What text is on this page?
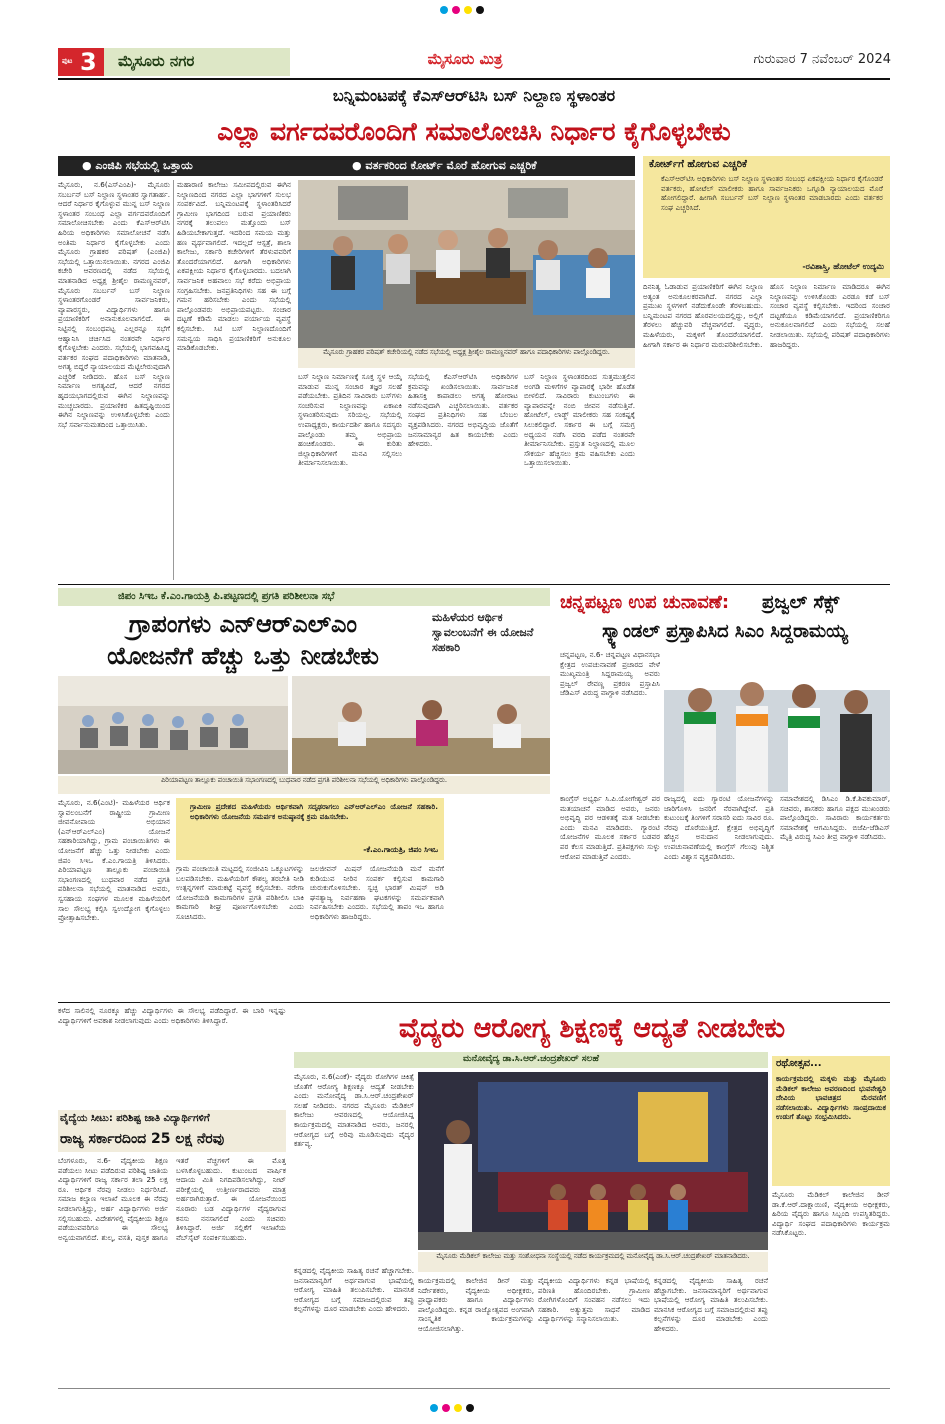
ಪುಟ 3 ಮೈಸೂರು ನಗರ	ಮೈಸೂರು ಮಿತ್ರ	ಗುರುವಾರ 7 ನವೆಂಬರ್ 2024
ಬನ್ನಿಮಂಟಪಕ್ಕೆ ಕೆಎಸ್‌ಆರ್‌ಟಿಸಿ ಬಸ್ ನಿಲ್ದಾಣ ಸ್ಥಳಾಂತರ
ಎಲ್ಲಾ ವರ್ಗದವರೊಂದಿಗೆ ಸಮಾಲೋಚಿಸಿ ನಿರ್ಧಾರ ಕೈಗೊಳ್ಳಬೇಕು
● ಎಂಜಿಪಿ ಸಭೆಯಲ್ಲಿ ಒತ್ತಾಯ	● ವರ್ತಕರಿಂದ ಕೋರ್ಟ್ ಮೊರೆ ಹೋಗುವ ಎಚ್ಚರಿಕೆ
ಮೈಸೂರು, ನ.6(ಎಸ್‌ಎಂಪಿ)- ಮೈಸೂರು ಸಬರ್ಬನ್ ಬಸ್ ನಿಲ್ದಾಣ ಸ್ಥಳಾಂತರ ಸ್ವಾಗತಾರ್ಹ. ಆದರೆ ನಿರ್ಧಾರ ಕೈಗೊಳ್ಳುವ ಮುನ್ನ ಬಸ್ ನಿಲ್ದಾಣ ಸ್ಥಳಾಂತರ ಸಂಬಂಧ ಎಲ್ಲಾ ವರ್ಗದವರೊಂದಿಗೆ ಸಮಾಲೋಚಿಸಬೇಕು ಎಂದು ಕೆಎಸ್‌ಆರ್‌ಟಿಸಿ ಹಿರಿಯ ಅಧಿಕಾರಿಗಳು ಸಮಾಲೋಚನೆ ನಡೆಸಿ ಅಂತಿಮ ನಿರ್ಧಾರ ಕೈಗೊಳ್ಳಬೇಕು ಎಂದು ಮೈಸೂರು ಗ್ರಾಹಕರ ಪರಿಷತ್ (ಎಂಜಿಪಿ) ಸಭೆಯಲ್ಲಿ ಒತ್ತಾಯಿಸಲಾಯಿತು. ನಗರದ ಎಂಜಿಪಿ ಕಚೇರಿ ಆವರಣದಲ್ಲಿ ನಡೆದ ಸಭೆಯಲ್ಲಿ ಮಾತನಾಡಿದ ಅಧ್ಯಕ್ಷ ಶ್ರೀಶೈಲ ರಾಮಣ್ಣನವರ್, ಮೈಸೂರು ಸಬರ್ಬನ್ ಬಸ್ ನಿಲ್ದಾಣ ಸ್ಥಳಾಂತರಗೊಂಡರೆ ಸಾರ್ವಜನಿಕರು, ವ್ಯಾಪಾರಸ್ಥರು, ವಿದ್ಯಾರ್ಥಿಗಳು ಹಾಗೂ ಪ್ರಯಾಣಿಕರಿಗೆ ಅನಾನುಕೂಲವಾಗಲಿದೆ. ಈ ನಿಟ್ಟಿನಲ್ಲಿ ಸಂಬಂಧಪಟ್ಟ ಎಲ್ಲರನ್ನೂ ಸಭೆಗೆ ಆಹ್ವಾನಿಸಿ ಚರ್ಚಿಸಿದ ನಂತರವೇ ನಿರ್ಧಾರ ಕೈಗೊಳ್ಳಬೇಕು ಎಂದರು. ಸಭೆಯಲ್ಲಿ ಭಾಗವಹಿಸಿದ್ದ ವರ್ತಕರ ಸಂಘದ ಪದಾಧಿಕಾರಿಗಳು ಮಾತನಾಡಿ, ಅಗತ್ಯ ಬಿದ್ದರೆ ನ್ಯಾಯಾಲಯದ ಮೆಟ್ಟಿಲೇರುವುದಾಗಿ ಎಚ್ಚರಿಕೆ ನೀಡಿದರು. ಹೊಸ ಬಸ್ ನಿಲ್ದಾಣ ನಿರ್ಮಾಣ ಅಗತ್ಯವಿದೆ, ಆದರೆ ನಗರದ ಹೃದಯಭಾಗದಲ್ಲಿರುವ ಈಗಿನ ನಿಲ್ದಾಣವನ್ನು ಮುಚ್ಚಬಾರದು. ಪ್ರಯಾಣಿಕರ ಹಿತದೃಷ್ಟಿಯಿಂದ ಈಗಿನ ನಿಲ್ದಾಣವನ್ನು ಉಳಿಸಿಕೊಳ್ಳಬೇಕು ಎಂದು ಸಭೆ ಸರ್ವಾನುಮತದಿಂದ ಒತ್ತಾಯಿಸಿತು.
ಮಹಾರಾಣಿ ಕಾಲೇಜು ಸಮೀಪದಲ್ಲಿರುವ ಈಗಿನ ನಿಲ್ದಾಣದಿಂದ ನಗರದ ಎಲ್ಲಾ ಭಾಗಗಳಿಗೆ ಸುಲಭ ಸಂಪರ್ಕವಿದೆ. ಬನ್ನಿಮಂಟಪಕ್ಕೆ ಸ್ಥಳಾಂತರಿಸಿದರೆ ಗ್ರಾಮೀಣ ಭಾಗದಿಂದ ಬರುವ ಪ್ರಯಾಣಿಕರು ನಗರಕ್ಕೆ ತಲುಪಲು ಮತ್ತೊಂದು ಬಸ್ ಹಿಡಿಯಬೇಕಾಗುತ್ತದೆ. ಇದರಿಂದ ಸಮಯ ಮತ್ತು ಹಣ ವ್ಯರ್ಥವಾಗಲಿದೆ. ಇದಲ್ಲದೆ ಆಸ್ಪತ್ರೆ, ಶಾಲಾ ಕಾಲೇಜು, ಸರ್ಕಾರಿ ಕಚೇರಿಗಳಿಗೆ ತೆರಳುವವರಿಗೆ ತೊಂದರೆಯಾಗಲಿದೆ. ಹೀಗಾಗಿ ಅಧಿಕಾರಿಗಳು ಏಕಪಕ್ಷೀಯ ನಿರ್ಧಾರ ಕೈಗೊಳ್ಳಬಾರದು. ಬದಲಾಗಿ ಸಾರ್ವಜನಿಕ ಅಹವಾಲು ಸಭೆ ಕರೆದು ಅಭಿಪ್ರಾಯ ಸಂಗ್ರಹಿಸಬೇಕು. ಜನಪ್ರತಿನಿಧಿಗಳು ಸಹ ಈ ಬಗ್ಗೆ ಗಮನ ಹರಿಸಬೇಕು ಎಂದು ಸಭೆಯಲ್ಲಿ ಪಾಲ್ಗೊಂಡವರು ಅಭಿಪ್ರಾಯಪಟ್ಟರು. ಸಂಚಾರ ದಟ್ಟಣೆ ಕಡಿಮೆ ಮಾಡಲು ಪರ್ಯಾಯ ವ್ಯವಸ್ಥೆ ಕಲ್ಪಿಸಬೇಕು. ಸಿಟಿ ಬಸ್ ನಿಲ್ದಾಣದೊಂದಿಗೆ ಸಮನ್ವಯ ಸಾಧಿಸಿ ಪ್ರಯಾಣಿಕರಿಗೆ ಅನುಕೂಲ ಮಾಡಿಕೊಡಬೇಕು.	ಮೈಸೂರು ಗ್ರಾಹಕರ ಪರಿಷತ್ ಕಚೇರಿಯಲ್ಲಿ ನಡೆದ ಸಭೆಯಲ್ಲಿ ಅಧ್ಯಕ್ಷ ಶ್ರೀಶೈಲ ರಾಮಣ್ಣನವರ್ ಹಾಗೂ ಪದಾಧಿಕಾರಿಗಳು ಪಾಲ್ಗೊಂಡಿದ್ದರು.
ಬಸ್ ನಿಲ್ದಾಣ ನಿರ್ಮಾಣಕ್ಕೆ ಸೂಕ್ತ ಸ್ಥಳ ಆಯ್ಕೆ ಮಾಡುವ ಮುನ್ನ ಸಂಚಾರ ತಜ್ಞರ ಸಲಹೆ ಪಡೆಯಬೇಕು. ಪ್ರತಿದಿನ ಸಾವಿರಾರು ಬಸ್‌ಗಳು ಸಂಚರಿಸುವ ನಿಲ್ದಾಣವನ್ನು ಏಕಾಏಕಿ ಸ್ಥಳಾಂತರಿಸುವುದು ಸರಿಯಲ್ಲ. ಸಭೆಯಲ್ಲಿ ಉಪಾಧ್ಯಕ್ಷರು, ಕಾರ್ಯದರ್ಶಿ ಹಾಗೂ ಸದಸ್ಯರು ಪಾಲ್ಗೊಂಡು ತಮ್ಮ ಅಭಿಪ್ರಾಯ ಹಂಚಿಕೊಂಡರು. ಈ ಕುರಿತು ಜಿಲ್ಲಾಧಿಕಾರಿಗಳಿಗೆ ಮನವಿ ಸಲ್ಲಿಸಲು ತೀರ್ಮಾನಿಸಲಾಯಿತು.
ಸಭೆಯಲ್ಲಿ ಕೆಎಸ್‌ಆರ್‌ಟಿಸಿ ಅಧಿಕಾರಿಗಳ ಕ್ರಮವನ್ನು ಖಂಡಿಸಲಾಯಿತು. ಸಾರ್ವಜನಿಕ ಹಿತಾಸಕ್ತಿ ಕಾಪಾಡಲು ಅಗತ್ಯ ಹೋರಾಟ ನಡೆಸುವುದಾಗಿ ಎಚ್ಚರಿಸಲಾಯಿತು. ವರ್ತಕರ ಸಂಘದ ಪ್ರತಿನಿಧಿಗಳು ಸಹ ಬೆಂಬಲ ವ್ಯಕ್ತಪಡಿಸಿದರು. ನಗರದ ಅಭಿವೃದ್ಧಿಯ ಜೊತೆಗೆ ಜನಸಾಮಾನ್ಯರ ಹಿತ ಕಾಯಬೇಕು ಎಂದು ಹೇಳಿದರು.
ಬಸ್ ನಿಲ್ದಾಣ ಸ್ಥಳಾಂತರದಿಂದ ಸುತ್ತಮುತ್ತಲಿನ ಅಂಗಡಿ ಮಳಿಗೆಗಳ ವ್ಯಾಪಾರಕ್ಕೆ ಭಾರೀ ಹೊಡೆತ ಬೀಳಲಿದೆ. ಸಾವಿರಾರು ಕುಟುಂಬಗಳು ಈ ವ್ಯಾಪಾರವನ್ನೇ ನಂಬಿ ಜೀವನ ನಡೆಸುತ್ತಿವೆ. ಹೋಟೆಲ್, ಲಾಡ್ಜ್ ಮಾಲೀಕರು ಸಹ ಸಂಕಷ್ಟಕ್ಕೆ ಸಿಲುಕಲಿದ್ದಾರೆ. ಸರ್ಕಾರ ಈ ಬಗ್ಗೆ ಸಮಗ್ರ ಅಧ್ಯಯನ ನಡೆಸಿ ವರದಿ ಪಡೆದ ನಂತರವೇ ತೀರ್ಮಾನಿಸಬೇಕು. ಪ್ರಸ್ತುತ ನಿಲ್ದಾಣದಲ್ಲಿ ಮೂಲ ಸೌಕರ್ಯ ಹೆಚ್ಚಿಸಲು ಕ್ರಮ ವಹಿಸಬೇಕು ಎಂದು ಒತ್ತಾಯಿಸಲಾಯಿತು.
ಕೋರ್ಟ್‌ಗೆ ಹೋಗುವ ಎಚ್ಚರಿಕೆ
ಕೆಎಸ್‌ಆರ್‌ಟಿಸಿ ಅಧಿಕಾರಿಗಳು ಬಸ್ ನಿಲ್ದಾಣ ಸ್ಥಳಾಂತರ ಸಂಬಂಧ ಏಕಪಕ್ಷೀಯ ನಿರ್ಧಾರ ಕೈಗೊಂಡರೆ ವರ್ತಕರು, ಹೋಟೆಲ್ ಮಾಲೀಕರು ಹಾಗೂ ಸಾರ್ವಜನಿಕರು ಒಗ್ಗೂಡಿ ನ್ಯಾಯಾಲಯದ ಮೊರೆ ಹೋಗಲಿದ್ದಾರೆ. ಹೀಗಾಗಿ ಸಬರ್ಬನ್ ಬಸ್ ನಿಲ್ದಾಣ ಸ್ಥಳಾಂತರ ಮಾಡಬಾರದು ಎಂದು ವರ್ತಕರ ಸಂಘ ಎಚ್ಚರಿಸಿದೆ.
-ರವಿಶಾಸ್ತ್ರಿ, ಹೋಟೆಲ್ ಉದ್ಯಮಿ
ದಿನನಿತ್ಯ ಓಡಾಡುವ ಪ್ರಯಾಣಿಕರಿಗೆ ಈಗಿನ ನಿಲ್ದಾಣ ಅತ್ಯಂತ ಅನುಕೂಲಕರವಾಗಿದೆ. ನಗರದ ಎಲ್ಲಾ ಪ್ರಮುಖ ಸ್ಥಳಗಳಿಗೆ ನಡೆದುಕೊಂಡೇ ತೆರಳಬಹುದು. ಬನ್ನಿಮಂಟಪ ನಗರದ ಹೊರವಲಯದಲ್ಲಿದ್ದು, ಅಲ್ಲಿಗೆ ತೆರಳಲು ಹೆಚ್ಚುವರಿ ವೆಚ್ಚವಾಗಲಿದೆ. ವೃದ್ಧರು, ಮಹಿಳೆಯರು, ಮಕ್ಕಳಿಗೆ ತೊಂದರೆಯಾಗಲಿದೆ. ಹೀಗಾಗಿ ಸರ್ಕಾರ ಈ ನಿರ್ಧಾರ ಮರುಪರಿಶೀಲಿಸಬೇಕು.
ಹೊಸ ನಿಲ್ದಾಣ ನಿರ್ಮಾಣ ಮಾಡಿದರೂ ಈಗಿನ ನಿಲ್ದಾಣವನ್ನು ಉಳಿಸಿಕೊಂಡು ಎರಡೂ ಕಡೆ ಬಸ್ ಸಂಚಾರ ವ್ಯವಸ್ಥೆ ಕಲ್ಪಿಸಬೇಕು. ಇದರಿಂದ ಸಂಚಾರ ದಟ್ಟಣೆಯೂ ಕಡಿಮೆಯಾಗಲಿದೆ. ಪ್ರಯಾಣಿಕರಿಗೂ ಅನುಕೂಲವಾಗಲಿದೆ ಎಂದು ಸಭೆಯಲ್ಲಿ ಸಲಹೆ ನೀಡಲಾಯಿತು. ಸಭೆಯಲ್ಲಿ ಪರಿಷತ್ ಪದಾಧಿಕಾರಿಗಳು ಹಾಜರಿದ್ದರು.
ಜಿಪಂ ಸಿಇಒ ಕೆ.ಎಂ.ಗಾಯತ್ರಿ ಪಿ.ಪಟ್ಟಣದಲ್ಲಿ ಪ್ರಗತಿ ಪರಿಶೀಲನಾ ಸಭೆ
ಗ್ರಾಪಂಗಳು ಎನ್‌ಆರ್‌ಎಲ್‌ಎಂ
ಯೋಜನೆಗೆ ಹೆಚ್ಚು ಒತ್ತು ನೀಡಬೇಕು
ಮಹಿಳೆಯರ ಆರ್ಥಿಕ ಸ್ವಾವಲಂಬನೆಗೆ ಈ ಯೋಜನೆ ಸಹಕಾರಿ
ಪಿರಿಯಾಪಟ್ಟಣ ತಾಲ್ಲೂಕು ಪಂಚಾಯಿತಿ ಸಭಾಂಗಣದಲ್ಲಿ ಬುಧವಾರ ನಡೆದ ಪ್ರಗತಿ ಪರಿಶೀಲನಾ ಸಭೆಯಲ್ಲಿ ಅಧಿಕಾರಿಗಳು ಪಾಲ್ಗೊಂಡಿದ್ದರು.
ಮೈಸೂರು, ನ.6(ಎಂಟಿ)- ಮಹಿಳೆಯರ ಆರ್ಥಿಕ ಸ್ವಾವಲಂಬನೆಗೆ ರಾಷ್ಟ್ರೀಯ ಗ್ರಾಮೀಣ ಜೀವನೋಪಾಯ ಅಭಿಯಾನ (ಎನ್‌ಆರ್‌ಎಲ್‌ಎಂ) ಯೋಜನೆ ಸಹಕಾರಿಯಾಗಿದ್ದು, ಗ್ರಾಮ ಪಂಚಾಯಿತಿಗಳು ಈ ಯೋಜನೆಗೆ ಹೆಚ್ಚು ಒತ್ತು ನೀಡಬೇಕು ಎಂದು ಜಿಪಂ ಸಿಇಒ ಕೆ.ಎಂ.ಗಾಯತ್ರಿ ತಿಳಿಸಿದರು. ಪಿರಿಯಾಪಟ್ಟಣ ತಾಲ್ಲೂಕು ಪಂಚಾಯಿತಿ ಸಭಾಂಗಣದಲ್ಲಿ ಬುಧವಾರ ನಡೆದ ಪ್ರಗತಿ ಪರಿಶೀಲನಾ ಸಭೆಯಲ್ಲಿ ಮಾತನಾಡಿದ ಅವರು, ಸ್ವಸಹಾಯ ಸಂಘಗಳ ಮೂಲಕ ಮಹಿಳೆಯರಿಗೆ ಸಾಲ ಸೌಲಭ್ಯ ಕಲ್ಪಿಸಿ ಸ್ವಉದ್ಯೋಗ ಕೈಗೊಳ್ಳಲು ಪ್ರೋತ್ಸಾಹಿಸಬೇಕು.
ಗ್ರಾಮೀಣ ಪ್ರದೇಶದ ಮಹಿಳೆಯರು ಆರ್ಥಿಕವಾಗಿ ಸದೃಢರಾಗಲು ಎನ್‌ಆರ್‌ಎಲ್‌ಎಂ ಯೋಜನೆ ಸಹಕಾರಿ. ಅಧಿಕಾರಿಗಳು ಯೋಜನೆಯ ಸಮರ್ಪಕ ಅನುಷ್ಠಾನಕ್ಕೆ ಕ್ರಮ ವಹಿಸಬೇಕು.
-ಕೆ.ಎಂ.ಗಾಯತ್ರಿ, ಜಿಪಂ ಸಿಇಒ
ಗ್ರಾಮ ಪಂಚಾಯಿತಿ ಮಟ್ಟದಲ್ಲಿ ಸಂಜೀವಿನಿ ಒಕ್ಕೂಟಗಳನ್ನು ಬಲಪಡಿಸಬೇಕು. ಮಹಿಳೆಯರಿಗೆ ಕೌಶಲ್ಯ ತರಬೇತಿ ನೀಡಿ ಉತ್ಪನ್ನಗಳಿಗೆ ಮಾರುಕಟ್ಟೆ ವ್ಯವಸ್ಥೆ ಕಲ್ಪಿಸಬೇಕು. ನರೇಗಾ ಯೋಜನೆಯಡಿ ಕಾಮಗಾರಿಗಳ ಪ್ರಗತಿ ಪರಿಶೀಲಿಸಿ ಬಾಕಿ ಕಾಮಗಾರಿ ಶೀಘ್ರ ಪೂರ್ಣಗೊಳಿಸಬೇಕು ಎಂದು ಸೂಚಿಸಿದರು.
ಜಲಜೀವನ್ ಮಿಷನ್ ಯೋಜನೆಯಡಿ ಮನೆ ಮನೆಗೆ ಕುಡಿಯುವ ನೀರಿನ ಸಂಪರ್ಕ ಕಲ್ಪಿಸುವ ಕಾಮಗಾರಿ ಚುರುಕುಗೊಳಿಸಬೇಕು. ಸ್ವಚ್ಛ ಭಾರತ್ ಮಿಷನ್ ಅಡಿ ಘನತ್ಯಾಜ್ಯ ನಿರ್ವಹಣಾ ಘಟಕಗಳನ್ನು ಸಮರ್ಪಕವಾಗಿ ನಿರ್ವಹಿಸಬೇಕು ಎಂದರು. ಸಭೆಯಲ್ಲಿ ತಾಪಂ ಇಒ ಹಾಗೂ ಅಧಿಕಾರಿಗಳು ಹಾಜರಿದ್ದರು.
ಚನ್ನಪಟ್ಟಣ ಉಪ ಚುನಾವಣೆ:	ಪ್ರಜ್ವಲ್ ಸೆಕ್ಸ್
ಸ್ಕ್ಯಾಂಡಲ್ ಪ್ರಸ್ತಾಪಿಸಿದ ಸಿಎಂ ಸಿದ್ದರಾಮಯ್ಯ
ಚನ್ನಪಟ್ಟಣ, ನ.6- ಚನ್ನಪಟ್ಟಣ ವಿಧಾನಸಭಾ ಕ್ಷೇತ್ರದ ಉಪಚುನಾವಣೆ ಪ್ರಚಾರದ ವೇಳೆ ಮುಖ್ಯಮಂತ್ರಿ ಸಿದ್ದರಾಮಯ್ಯ ಅವರು ಪ್ರಜ್ವಲ್ ರೇವಣ್ಣ ಪ್ರಕರಣ ಪ್ರಸ್ತಾಪಿಸಿ ಜೆಡಿಎಸ್ ವಿರುದ್ಧ ವಾಗ್ದಾಳಿ ನಡೆಸಿದರು.
ಕಾಂಗ್ರೆಸ್ ಅಭ್ಯರ್ಥಿ ಸಿ.ಪಿ.ಯೋಗೇಶ್ವರ್ ಪರ ಮತಯಾಚನೆ ಮಾಡಿದ ಅವರು, ಜನರು ಅಭಿವೃದ್ಧಿ ಪರ ಆಡಳಿತಕ್ಕೆ ಮತ ನೀಡಬೇಕು ಎಂದು ಮನವಿ ಮಾಡಿದರು. ಗ್ಯಾರಂಟಿ ಯೋಜನೆಗಳ ಮೂಲಕ ಸರ್ಕಾರ ಬಡವರ ಪರ ಕೆಲಸ ಮಾಡುತ್ತಿದೆ. ಪ್ರತಿಪಕ್ಷಗಳು ಸುಳ್ಳು ಆರೋಪ ಮಾಡುತ್ತಿವೆ ಎಂದರು.
ರಾಜ್ಯದಲ್ಲಿ ಐದು ಗ್ಯಾರಂಟಿ ಯೋಜನೆಗಳನ್ನು ಜಾರಿಗೊಳಿಸಿ ಜನರಿಗೆ ನೆರವಾಗಿದ್ದೇವೆ. ಪ್ರತಿ ಕುಟುಂಬಕ್ಕೆ ತಿಂಗಳಿಗೆ ಸರಾಸರಿ ಐದು ಸಾವಿರ ರೂ. ನೆರವು ದೊರೆಯುತ್ತಿದೆ. ಕ್ಷೇತ್ರದ ಅಭಿವೃದ್ಧಿಗೆ ಹೆಚ್ಚಿನ ಅನುದಾನ ನೀಡಲಾಗುವುದು. ಉಪಚುನಾವಣೆಯಲ್ಲಿ ಕಾಂಗ್ರೆಸ್ ಗೆಲುವು ನಿಶ್ಚಿತ ಎಂದು ವಿಶ್ವಾಸ ವ್ಯಕ್ತಪಡಿಸಿದರು.
ಸಮಾವೇಶದಲ್ಲಿ ಡಿಸಿಎಂ ಡಿ.ಕೆ.ಶಿವಕುಮಾರ್, ಸಚಿವರು, ಶಾಸಕರು ಹಾಗೂ ಪಕ್ಷದ ಮುಖಂಡರು ಪಾಲ್ಗೊಂಡಿದ್ದರು. ಸಾವಿರಾರು ಕಾರ್ಯಕರ್ತರು ಸಮಾವೇಶಕ್ಕೆ ಆಗಮಿಸಿದ್ದರು. ಬಿಜೆಪಿ-ಜೆಡಿಎಸ್ ಮೈತ್ರಿ ವಿರುದ್ಧ ಸಿಎಂ ತೀವ್ರ ವಾಗ್ದಾಳಿ ನಡೆಸಿದರು.
ಕಳೆದ ಸಾಲಿನಲ್ಲಿ ನೂರಕ್ಕೂ ಹೆಚ್ಚು ವಿದ್ಯಾರ್ಥಿಗಳು ಈ ಸೌಲಭ್ಯ ಪಡೆದಿದ್ದಾರೆ. ಈ ಬಾರಿ ಇನ್ನಷ್ಟು ವಿದ್ಯಾರ್ಥಿಗಳಿಗೆ ಅವಕಾಶ ನೀಡಲಾಗುವುದು ಎಂದು ಅಧಿಕಾರಿಗಳು ತಿಳಿಸಿದ್ದಾರೆ.
ವೈದ್ಯೆಯ ಸೀಟು: ಪರಿಶಿಷ್ಟ ಜಾತಿ ವಿದ್ಯಾರ್ಥಿಗಳಿಗೆ
ರಾಜ್ಯ ಸರ್ಕಾರದಿಂದ 25 ಲಕ್ಷ ನೆರವು
ಬೆಂಗಳೂರು, ನ.6- ವೈದ್ಯಕೀಯ ಶಿಕ್ಷಣ ಪಡೆಯಲು ಸೀಟು ಪಡೆದಿರುವ ಪರಿಶಿಷ್ಟ ಜಾತಿಯ ವಿದ್ಯಾರ್ಥಿಗಳಿಗೆ ರಾಜ್ಯ ಸರ್ಕಾರ ತಲಾ 25 ಲಕ್ಷ ರೂ. ಆರ್ಥಿಕ ನೆರವು ನೀಡಲು ನಿರ್ಧರಿಸಿದೆ. ಸಮಾಜ ಕಲ್ಯಾಣ ಇಲಾಖೆ ಮೂಲಕ ಈ ನೆರವು ನೀಡಲಾಗುತ್ತಿದ್ದು, ಅರ್ಹ ವಿದ್ಯಾರ್ಥಿಗಳು ಅರ್ಜಿ ಸಲ್ಲಿಸಬಹುದು. ವಿದೇಶಗಳಲ್ಲಿ ವೈದ್ಯಕೀಯ ಶಿಕ್ಷಣ ಪಡೆಯುವವರಿಗೂ ಈ ಸೌಲಭ್ಯ ಅನ್ವಯವಾಗಲಿದೆ. ಶುಲ್ಕ, ವಸತಿ, ಪುಸ್ತಕ ಹಾಗೂ ಇತರೆ ವೆಚ್ಚಗಳಿಗೆ ಈ ಮೊತ್ತ ಬಳಸಿಕೊಳ್ಳಬಹುದು. ಕುಟುಂಬದ ವಾರ್ಷಿಕ ಆದಾಯ ಮಿತಿ ನಿಗದಿಪಡಿಸಲಾಗಿದ್ದು, ನೀಟ್ ಪರೀಕ್ಷೆಯಲ್ಲಿ ಉತ್ತೀರ್ಣರಾದವರು ಮಾತ್ರ ಅರ್ಹರಾಗಿರುತ್ತಾರೆ. ಈ ಯೋಜನೆಯಿಂದ ನೂರಾರು ಬಡ ವಿದ್ಯಾರ್ಥಿಗಳ ವೈದ್ಯರಾಗುವ ಕನಸು ನನಸಾಗಲಿದೆ ಎಂದು ಸಚಿವರು ತಿಳಿಸಿದ್ದಾರೆ. ಅರ್ಜಿ ಸಲ್ಲಿಕೆಗೆ ಇಲಾಖೆಯ ವೆಬ್‌ಸೈಟ್ ಸಂಪರ್ಕಿಸಬಹುದು.
ವೈದ್ಯರು ಆರೋಗ್ಯ ಶಿಕ್ಷಣಕ್ಕೆ ಆದ್ಯತೆ ನೀಡಬೇಕು
ಮನೋವೈದ್ಯ ಡಾ.ಸಿ.ಆರ್.ಚಂದ್ರಶೇಖರ್ ಸಲಹೆ
ಮೈಸೂರು, ನ.6(ಎಂಕೆ)- ವೈದ್ಯರು ರೋಗಿಗಳ ಚಿಕಿತ್ಸೆ ಜೊತೆಗೆ ಆರೋಗ್ಯ ಶಿಕ್ಷಣಕ್ಕೂ ಆದ್ಯತೆ ನೀಡಬೇಕು ಎಂದು ಮನೋವೈದ್ಯ ಡಾ.ಸಿ.ಆರ್.ಚಂದ್ರಶೇಖರ್ ಸಲಹೆ ನೀಡಿದರು. ನಗರದ ಮೈಸೂರು ಮೆಡಿಕಲ್ ಕಾಲೇಜು ಆವರಣದಲ್ಲಿ ಆಯೋಜಿಸಿದ್ದ ಕಾರ್ಯಕ್ರಮದಲ್ಲಿ ಮಾತನಾಡಿದ ಅವರು, ಜನರಲ್ಲಿ ಆರೋಗ್ಯದ ಬಗ್ಗೆ ಅರಿವು ಮೂಡಿಸುವುದು ವೈದ್ಯರ ಕರ್ತವ್ಯ.
ಮೈಸೂರು ಮೆಡಿಕಲ್ ಕಾಲೇಜು ಮತ್ತು ಸಂಶೋಧನಾ ಸಂಸ್ಥೆಯಲ್ಲಿ ನಡೆದ ಕಾರ್ಯಕ್ರಮದಲ್ಲಿ ಮನೋವೈದ್ಯ ಡಾ.ಸಿ.ಆರ್.ಚಂದ್ರಶೇಖರ್ ಮಾತನಾಡಿದರು.
ಕನ್ನಡದಲ್ಲಿ ವೈದ್ಯಕೀಯ ಸಾಹಿತ್ಯ ರಚನೆ ಹೆಚ್ಚಾಗಬೇಕು. ಜನಸಾಮಾನ್ಯರಿಗೆ ಅರ್ಥವಾಗುವ ಭಾಷೆಯಲ್ಲಿ ಆರೋಗ್ಯ ಮಾಹಿತಿ ತಲುಪಿಸಬೇಕು. ಮಾನಸಿಕ ಆರೋಗ್ಯದ ಬಗ್ಗೆ ಸಮಾಜದಲ್ಲಿರುವ ತಪ್ಪು ಕಲ್ಪನೆಗಳನ್ನು ದೂರ ಮಾಡಬೇಕು ಎಂದು ಹೇಳಿದರು.
ಕಾರ್ಯಕ್ರಮದಲ್ಲಿ ಕಾಲೇಜಿನ ಡೀನ್ ಮತ್ತು ನಿರ್ದೇಶಕರು, ವೈದ್ಯಕೀಯ ಅಧೀಕ್ಷಕರು, ಪ್ರಾಧ್ಯಾಪಕರು ಹಾಗೂ ವಿದ್ಯಾರ್ಥಿಗಳು ಪಾಲ್ಗೊಂಡಿದ್ದರು. ಕನ್ನಡ ರಾಜ್ಯೋತ್ಸವದ ಅಂಗವಾಗಿ ಸಾಂಸ್ಕೃತಿಕ ಕಾರ್ಯಕ್ರಮಗಳನ್ನು ಆಯೋಜಿಸಲಾಗಿತ್ತು.
ವೈದ್ಯಕೀಯ ವಿದ್ಯಾರ್ಥಿಗಳು ಕನ್ನಡ ಭಾಷೆಯಲ್ಲಿ ಪರಿಣತಿ ಹೊಂದಿರಬೇಕು. ಗ್ರಾಮೀಣ ರೋಗಿಗಳೊಂದಿಗೆ ಸಂವಹನ ನಡೆಸಲು ಇದು ಸಹಕಾರಿ. ಅತ್ಯುತ್ತಮ ಸಾಧನೆ ಮಾಡಿದ ವಿದ್ಯಾರ್ಥಿಗಳನ್ನು ಸನ್ಮಾನಿಸಲಾಯಿತು.
ಕನ್ನಡದಲ್ಲಿ ವೈದ್ಯಕೀಯ ಸಾಹಿತ್ಯ ರಚನೆ ಹೆಚ್ಚಾಗಬೇಕು. ಜನಸಾಮಾನ್ಯರಿಗೆ ಅರ್ಥವಾಗುವ ಭಾಷೆಯಲ್ಲಿ ಆರೋಗ್ಯ ಮಾಹಿತಿ ತಲುಪಿಸಬೇಕು. ಮಾನಸಿಕ ಆರೋಗ್ಯದ ಬಗ್ಗೆ ಸಮಾಜದಲ್ಲಿರುವ ತಪ್ಪು ಕಲ್ಪನೆಗಳನ್ನು ದೂರ ಮಾಡಬೇಕು ಎಂದು ಹೇಳಿದರು.
ರಥೋತ್ಸವ...
ಕಾರ್ಯಕ್ರಮದಲ್ಲಿ ಮಕ್ಕಳು ಮತ್ತು ಮೈಸೂರು ಮೆಡಿಕಲ್ ಕಾಲೇಜು ಅವರಣದಿಂದ ಭುವನೇಶ್ವರಿ ದೇವಿಯ ಭಾವಚಿತ್ರದ ಮೆರವಣಿಗೆ ನಡೆಸಲಾಯಿತು. ವಿದ್ಯಾರ್ಥಿಗಳು ಸಾಂಪ್ರದಾಯಿಕ ಉಡುಗೆ ತೊಟ್ಟು ಸಂಭ್ರಮಿಸಿದರು.
ಮೈಸೂರು ಮೆಡಿಕಲ್ ಕಾಲೇಜಿನ ಡೀನ್ ಡಾ.ಕೆ.ಆರ್.ದಾಕ್ಷಾಯಿಣಿ, ವೈದ್ಯಕೀಯ ಅಧೀಕ್ಷಕರು, ಹಿರಿಯ ವೈದ್ಯರು ಹಾಗೂ ಸಿಬ್ಬಂದಿ ಉಪಸ್ಥಿತರಿದ್ದರು. ವಿದ್ಯಾರ್ಥಿ ಸಂಘದ ಪದಾಧಿಕಾರಿಗಳು ಕಾರ್ಯಕ್ರಮ ನಡೆಸಿಕೊಟ್ಟರು.
